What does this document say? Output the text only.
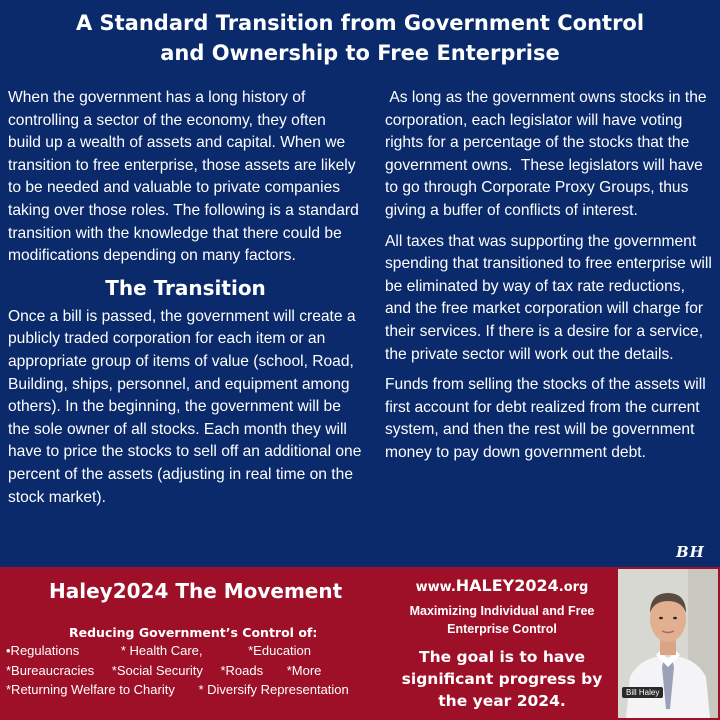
A Standard Transition from Government Control
and Ownership to Free Enterprise

When the government has a long history of controlling a sector of the economy, they often build up a wealth of assets and capital. When we transition to free enterprise, those assets are likely to be needed and valuable to private companies taking over those roles. The following is a standard transition with the knowledge that there could be modifications depending on many factors.

The Transition

Once a bill is passed, the government will create a publicly traded corporation for each item or an appropriate group of items of value (school, Road, Building, ships, personnel, and equipment among others). In the beginning, the government will be the sole owner of all stocks. Each month they will have to price the stocks to sell off an additional one percent of the assets (adjusting in real time on the stock market).

As long as the government owns stocks in the corporation, each legislator will have voting rights for a percentage of the stocks that the government owns.  These legislators will have to go through Corporate Proxy Groups, thus giving a buffer of conflicts of interest.

All taxes that was supporting the government spending that transitioned to free enterprise will be eliminated by way of tax rate reductions, and the free market corporation will charge for their services. If there is a desire for a service, the private sector will work out the details.

Funds from selling the stocks of the assets will first account for debt realized from the current system, and then the rest will be government money to pay down government debt.

BH
Haley2024 The Movement
Reducing Government’s Control of:
•Regulations	* Health Care,	*Education
*Bureaucracies *Social Security *Roads *More
*Returning Welfare to Charity * Diversify Representation
www.HALEY2024.org
Maximizing Individual and Free Enterprise Control
The goal is to have significant progress by the year 2024.	Bill Haley
